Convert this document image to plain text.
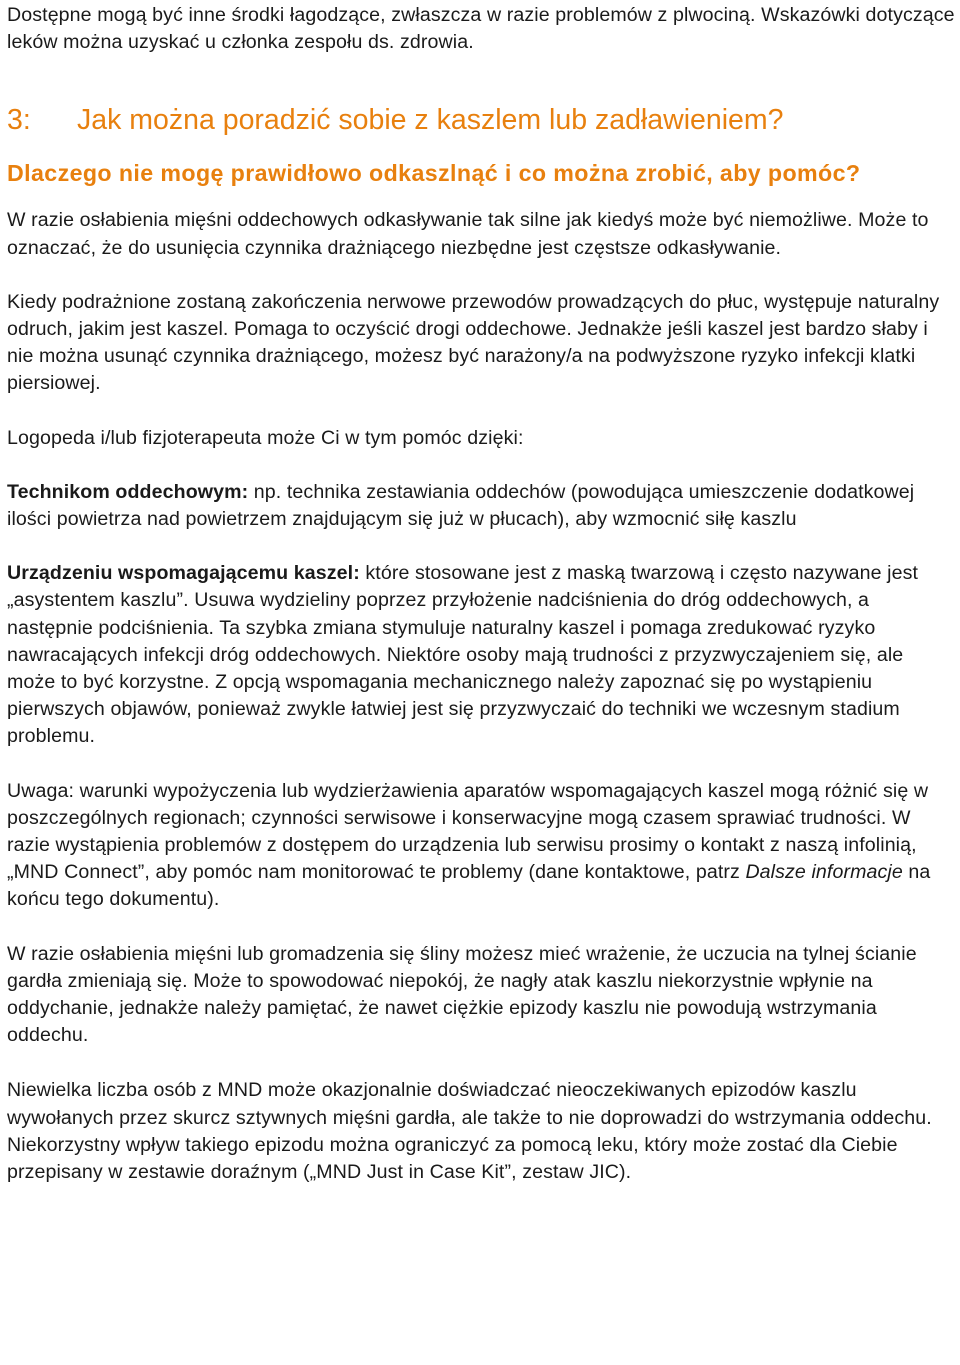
Dostępne mogą być inne środki łagodzące, zwłaszcza w razie problemów z plwociną. Wskazówki dotyczące leków można uzyskać u członka zespołu ds. zdrowia.

3:	Jak można poradzić sobie z kaszlem lub zadławieniem?
Dlaczego nie mogę prawidłowo odkaszlnąć i co można zrobić, aby pomóc?

W razie osłabienia mięśni oddechowych odkasływanie tak silne jak kiedyś może być niemożliwe. Może to oznaczać, że do usunięcia czynnika drażniącego niezbędne jest częstsze odkasływanie.

Kiedy podrażnione zostaną zakończenia nerwowe przewodów prowadzących do płuc, występuje naturalny odruch, jakim jest kaszel. Pomaga to oczyścić drogi oddechowe. Jednakże jeśli kaszel jest bardzo słaby i nie można usunąć czynnika drażniącego, możesz być narażony/a na podwyższone ryzyko infekcji klatki piersiowej.

Logopeda i/lub fizjoterapeuta może Ci w tym pomóc dzięki:

Technikom oddechowym: np. technika zestawiania oddechów (powodująca umieszczenie dodatkowej ilości powietrza nad powietrzem znajdującym się już w płucach), aby wzmocnić siłę kaszlu

Urządzeniu wspomagającemu kaszel: które stosowane jest z maską twarzową i często nazywane jest „asystentem kaszlu”. Usuwa wydzieliny poprzez przyłożenie nadciśnienia do dróg oddechowych, a następnie podciśnienia. Ta szybka zmiana stymuluje naturalny kaszel i pomaga zredukować ryzyko nawracających infekcji dróg oddechowych. Niektóre osoby mają trudności z przyzwyczajeniem się, ale może to być korzystne. Z opcją wspomagania mechanicznego należy zapoznać się po wystąpieniu pierwszych objawów, ponieważ zwykle łatwiej jest się przyzwyczaić do techniki we wczesnym stadium problemu.

Uwaga: warunki wypożyczenia lub wydzierżawienia aparatów wspomagających kaszel mogą różnić się w poszczególnych regionach; czynności serwisowe i konserwacyjne mogą czasem sprawiać trudności. W razie wystąpienia problemów z dostępem do urządzenia lub serwisu prosimy o kontakt z naszą infolinią, „MND Connect”, aby pomóc nam monitorować te problemy (dane kontaktowe, patrz Dalsze informacje na końcu tego dokumentu).

W razie osłabienia mięśni lub gromadzenia się śliny możesz mieć wrażenie, że uczucia na tylnej ścianie gardła zmieniają się. Może to spowodować niepokój, że nagły atak kaszlu niekorzystnie wpłynie na oddychanie, jednakże należy pamiętać, że nawet ciężkie epizody kaszlu nie powodują wstrzymania oddechu.

Niewielka liczba osób z MND może okazjonalnie doświadczać nieoczekiwanych epizodów kaszlu wywołanych przez skurcz sztywnych mięśni gardła, ale także to nie doprowadzi do wstrzymania oddechu. Niekorzystny wpływ takiego epizodu można ograniczyć za pomocą leku, który może zostać dla Ciebie przepisany w zestawie doraźnym („MND Just in Case Kit”, zestaw JIC).
